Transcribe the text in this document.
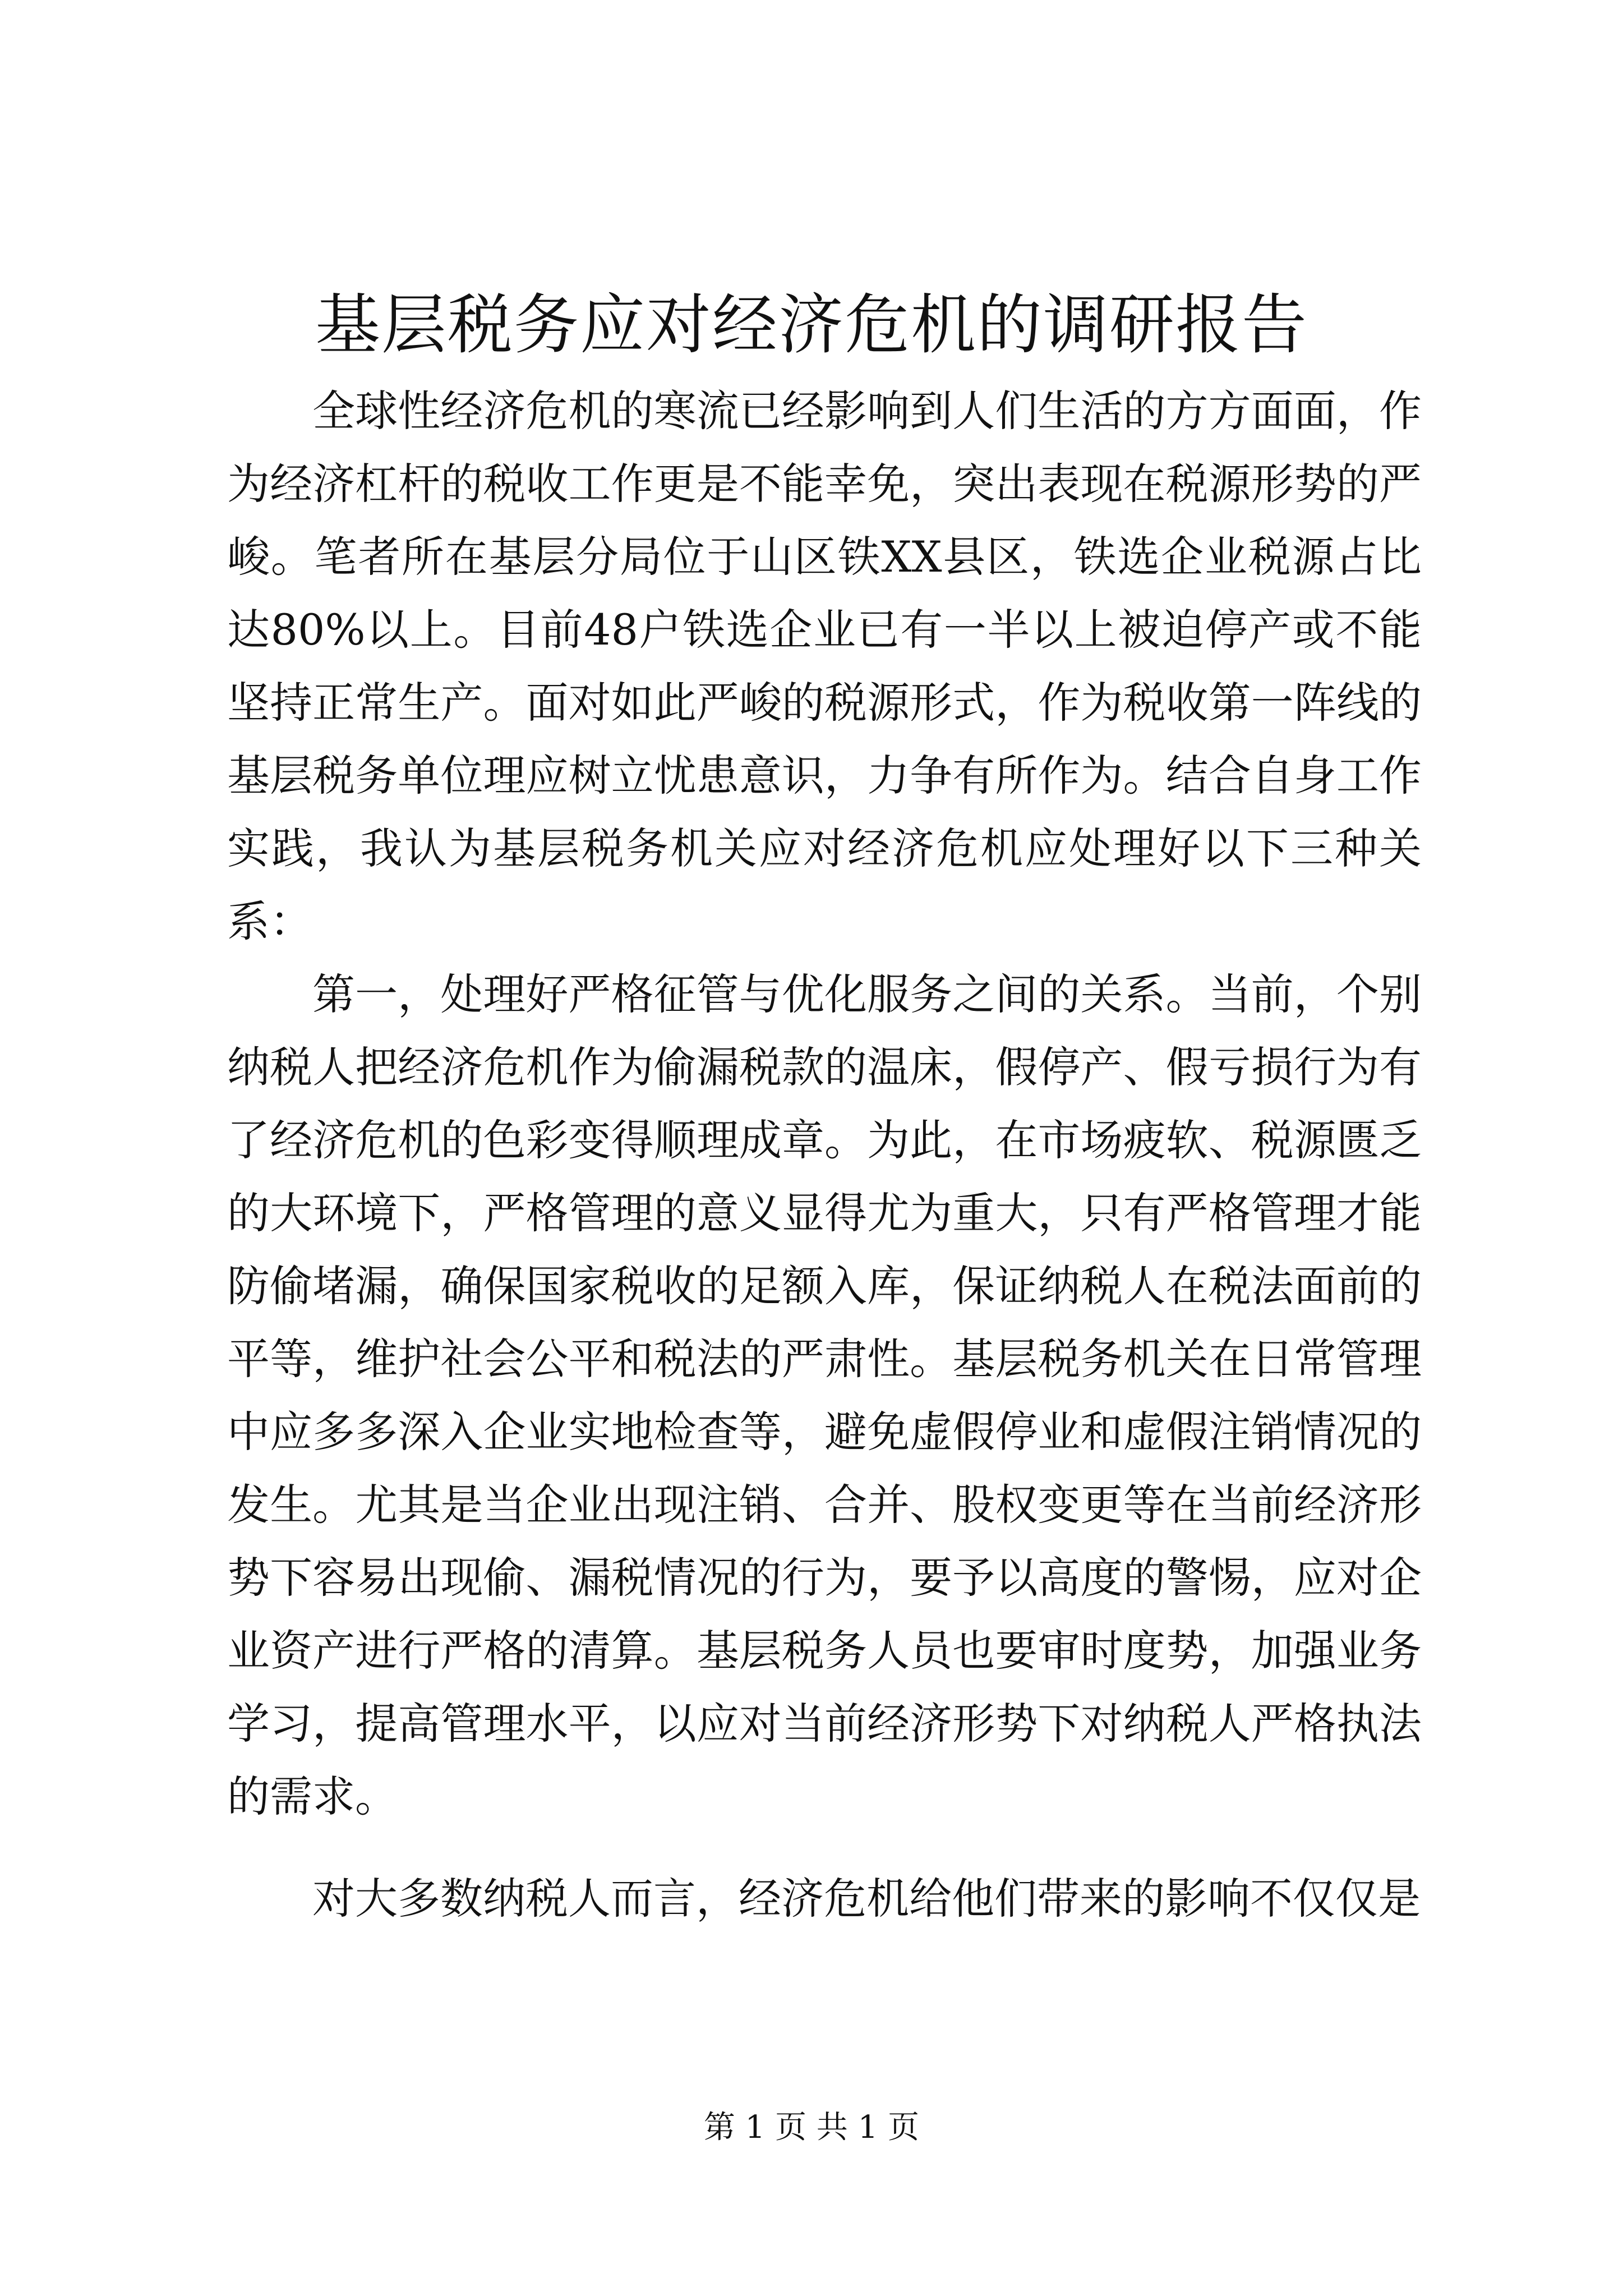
基层税务应对经济危机的调研报告

全球性经济危机的寒流已经影响到人们生活的方方面面，作为经济杠杆的税收工作更是不能幸免，突出表现在税源形势的严峻。笔者所在基层分局位于山区铁XX县区，铁选企业税源占比达80%以上。目前48户铁选企业已有一半以上被迫停产或不能坚持正常生产。面对如此严峻的税源形式，作为税收第一阵线的基层税务单位理应树立忧患意识，力争有所作为。结合自身工作实践，我认为基层税务机关应对经济危机应处理好以下三种关系：

第一，处理好严格征管与优化服务之间的关系。当前，个别纳税人把经济危机作为偷漏税款的温床，假停产、假亏损行为有了经济危机的色彩变得顺理成章。为此，在市场疲软、税源匮乏的大环境下，严格管理的意义显得尤为重大，只有严格管理才能防偷堵漏，确保国家税收的足额入库，保证纳税人在税法面前的平等，维护社会公平和税法的严肃性。基层税务机关在日常管理中应多多深入企业实地检查等，避免虚假停业和虚假注销情况的发生。尤其是当企业出现注销、合并、股权变更等在当前经济形势下容易出现偷、漏税情况的行为，要予以高度的警惕，应对企业资产进行严格的清算。基层税务人员也要审时度势，加强业务学习，提高管理水平，以应对当前经济形势下对纳税人严格执法的需求。

对大多数纳税人而言，经济危机给他们带来的影响不仅仅是

第 1 页 共 1 页
